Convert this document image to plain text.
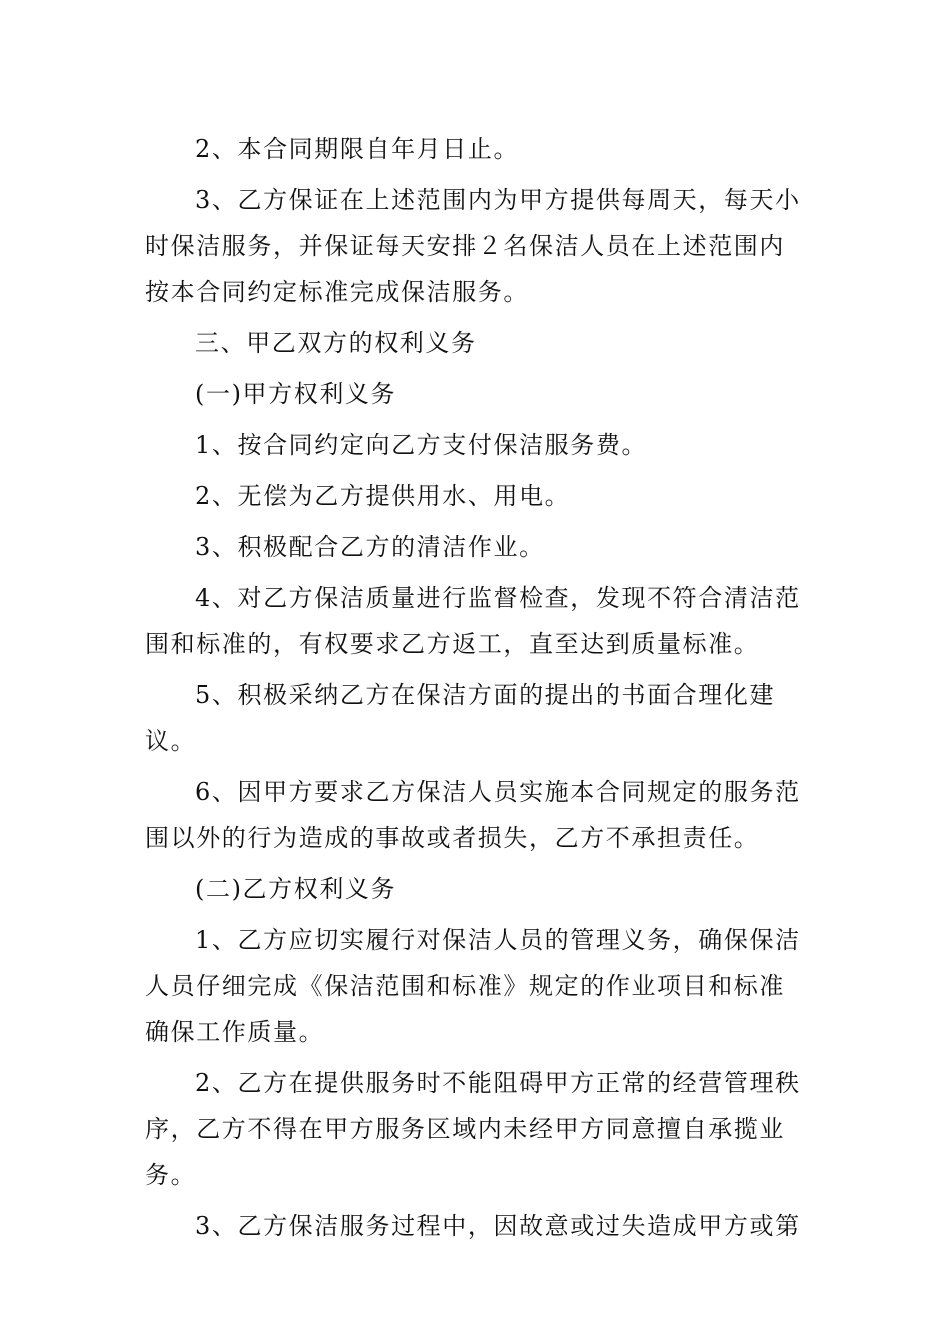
2、本合同期限自年月日止。

3、乙方保证在上述范围内为甲方提供每周天，每天小时保洁服务，并保证每天安排２名保洁人员在上述范围内按本合同约定标准完成保洁服务。

三、甲乙双方的权利义务

(一)甲方权利义务

1、按合同约定向乙方支付保洁服务费。

2、无偿为乙方提供用水、用电。

3、积极配合乙方的清洁作业。

4、对乙方保洁质量进行监督检查，发现不符合清洁范围和标准的，有权要求乙方返工，直至达到质量标准。

5、积极采纳乙方在保洁方面的提出的书面合理化建议。

6、因甲方要求乙方保洁人员实施本合同规定的服务范围以外的行为造成的事故或者损失，乙方不承担责任。

(二)乙方权利义务

1、乙方应切实履行对保洁人员的管理义务，确保保洁人员仔细完成《保洁范围和标准》规定的作业项目和标准确保工作质量。

2、乙方在提供服务时不能阻碍甲方正常的经营管理秩序，乙方不得在甲方服务区域内未经甲方同意擅自承揽业务。

3、乙方保洁服务过程中，因故意或过失造成甲方或第
